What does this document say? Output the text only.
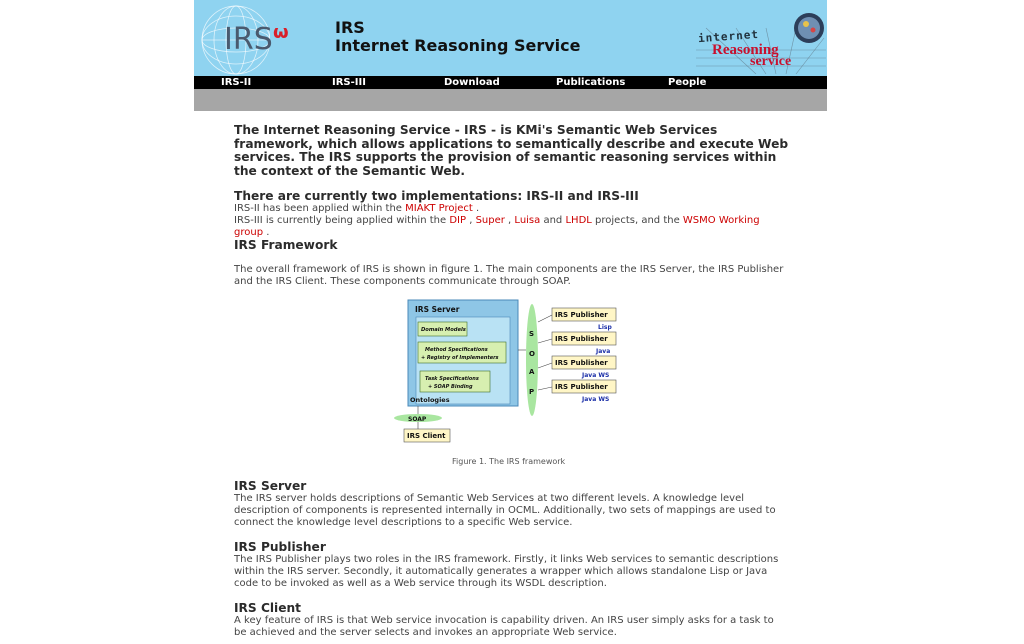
IRS ω	IRS
Internet Reasoning Service	internet
Reasoning
service
IRS-II	IRS-III	Download	Publications	People
The Internet Reasoning Service - IRS - is KMi's Semantic Web Services framework, which allows applications to semantically describe and execute Web services. The IRS supports the provision of semantic reasoning services within the context of the Semantic Web.
There are currently two implementations: IRS-II and IRS-III
IRS-II has been applied within the MIAKT Project .
IRS-III is currently being applied within the DIP , Super , Luisa and LHDL projects, and the WSMO Working group .
IRS Framework
The overall framework of IRS is shown in figure 1. The main components are the IRS Server, the IRS Publisher and the IRS Client. These components communicate through SOAP.
IRS Server
Domain Models
Method Specifications
+ Registry of Implementers
Task Specifications
+ SOAP Binding
Ontologies
S
O
A
P
IRS Publisher
Lisp
IRS Publisher
Java
IRS Publisher
Java WS
IRS Publisher
Java WS
SOAP
IRS Client
Figure 1. The IRS framework
IRS Server
The IRS server holds descriptions of Semantic Web Services at two different levels. A knowledge level description of components is represented internally in OCML. Additionally, two sets of mappings are used to connect the knowledge level descriptions to a specific Web service.
IRS Publisher
The IRS Publisher plays two roles in the IRS framework. Firstly, it links Web services to semantic descriptions within the IRS server. Secondly, it automatically generates a wrapper which allows standalone Lisp or Java code to be invoked as well as a Web service through its WSDL description.
IRS Client
A key feature of IRS is that Web service invocation is capability driven. An IRS user simply asks for a task to be achieved and the server selects and invokes an appropriate Web service.
